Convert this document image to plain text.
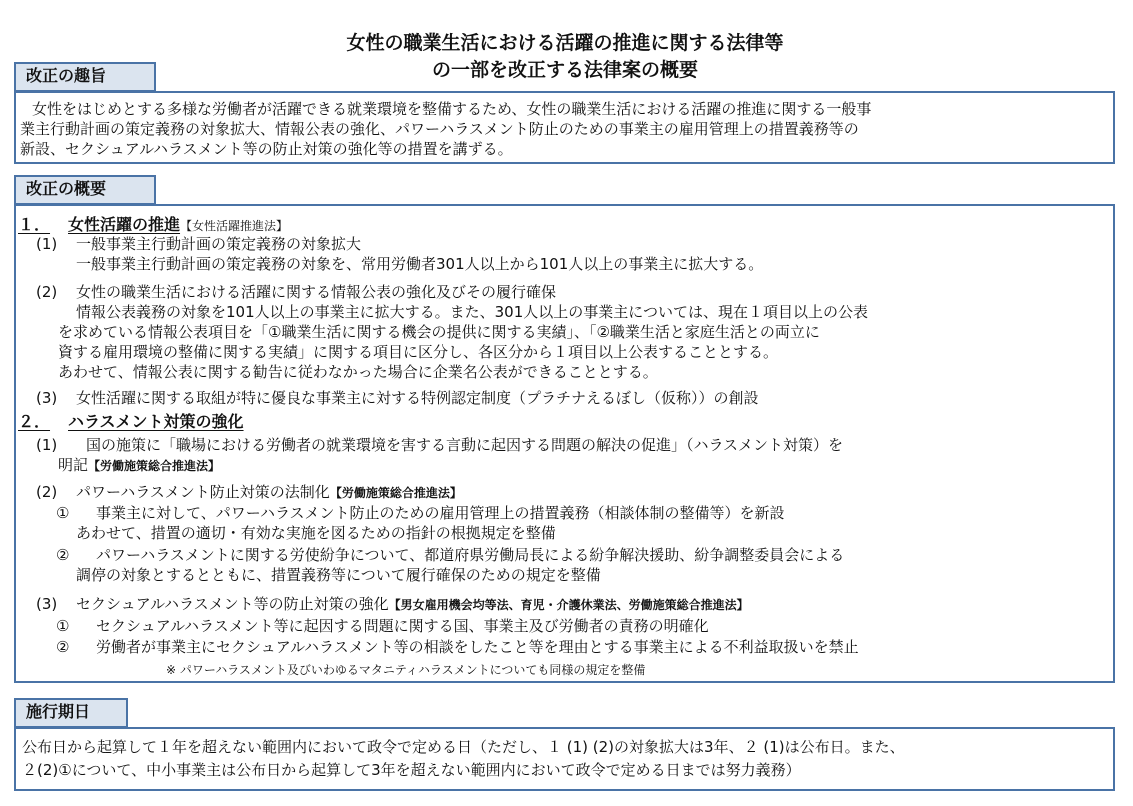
女性の職業生活における活躍の推進に関する法律等
の一部を改正する法律案の概要
改正の趣旨
女性をはじめとする多様な労働者が活躍できる就業環境を整備するため、女性の職業生活における活躍の推進に関する一般事
業主行動計画の策定義務の対象拡大、情報公表の強化、パワーハラスメント防止のための事業主の雇用管理上の措置義務等の
新設、セクシュアルハラスメント等の防止対策の強化等の措置を講ずる。
改正の概要
１． 女性活躍の推進【女性活躍推進法】
(1) 一般事業主行動計画の策定義務の対象拡大
一般事業主行動計画の策定義務の対象を、常用労働者301人以上から101人以上の事業主に拡大する。
(2) 女性の職業生活における活躍に関する情報公表の強化及びその履行確保
情報公表義務の対象を101人以上の事業主に拡大する。また、301人以上の事業主については、現在１項目以上の公表
を求めている情報公表項目を「①職業生活に関する機会の提供に関する実績」、「②職業生活と家庭生活との両立に
資する雇用環境の整備に関する実績」に関する項目に区分し、各区分から１項目以上公表することとする。
あわせて、情報公表に関する勧告に従わなかった場合に企業名公表ができることとする。
(3) 女性活躍に関する取組が特に優良な事業主に対する特例認定制度（プラチナえるぼし（仮称））の創設
２． ハラスメント対策の強化
(1) 国の施策に「職場における労働者の就業環境を害する言動に起因する問題の解決の促進」（ハラスメント対策）を
明記【労働施策総合推進法】
(2) パワーハラスメント防止対策の法制化【労働施策総合推進法】
① 事業主に対して、パワーハラスメント防止のための雇用管理上の措置義務（相談体制の整備等）を新設
あわせて、措置の適切・有効な実施を図るための指針の根拠規定を整備
② パワーハラスメントに関する労使紛争について、都道府県労働局長による紛争解決援助、紛争調整委員会による
調停の対象とするとともに、措置義務等について履行確保のための規定を整備
(3) セクシュアルハラスメント等の防止対策の強化【男女雇用機会均等法、育児・介護休業法、労働施策総合推進法】
① セクシュアルハラスメント等に起因する問題に関する国、事業主及び労働者の責務の明確化
② 労働者が事業主にセクシュアルハラスメント等の相談をしたこと等を理由とする事業主による不利益取扱いを禁止
※ パワーハラスメント及びいわゆるマタニティハラスメントについても同様の規定を整備
施行期日
公布日から起算して１年を超えない範囲内において政令で定める日（ただし、１ (1) (2)の対象拡大は3年、２ (1)は公布日。また、
２(2)①について、中小事業主は公布日から起算して3年を超えない範囲内において政令で定める日までは努力義務）
